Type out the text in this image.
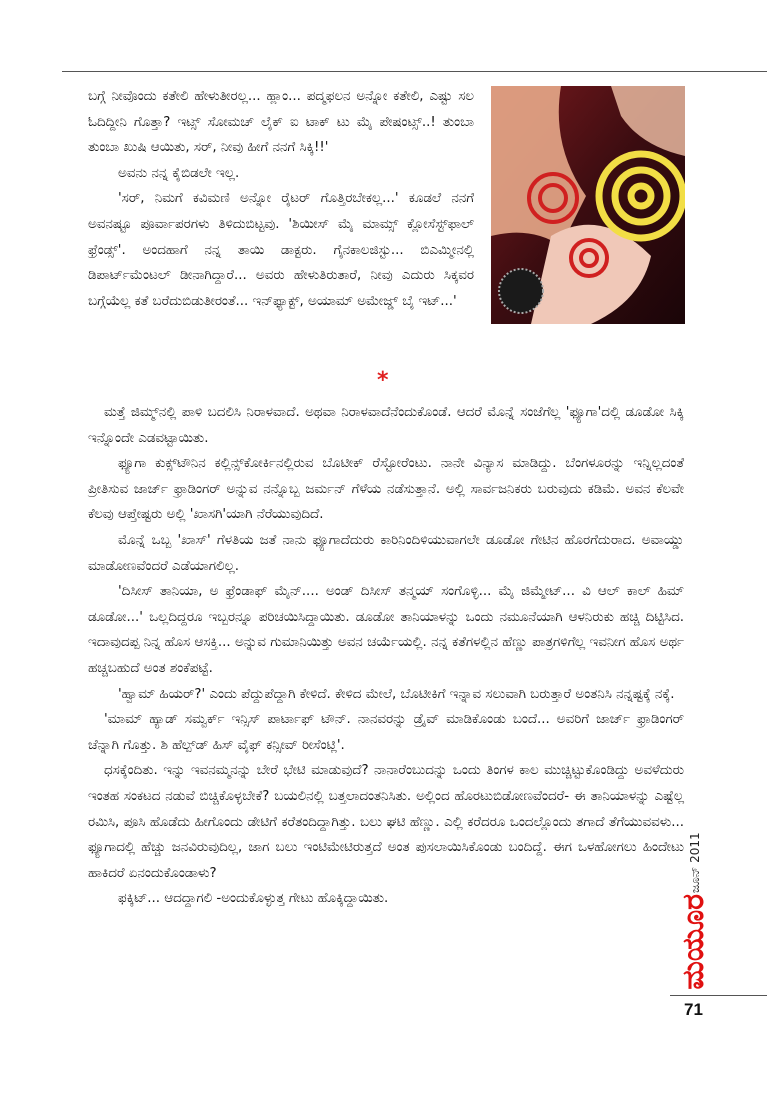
ಬಗ್ಗೆ ನೀವೊಂದು ಕತೇಲಿ ಹೇಳುತೀರಲ್ಲ... ಹ್ಲಾಂ... ಪದ್ಮಫಲನ ಅನ್ನೋ ಕತೇಲಿ, ಎಷ್ಟು ಸಲ ಓದಿದ್ದೀನಿ ಗೊತ್ತಾ? ಇಟ್ಸ್ ಸೋಮಚ್ ಲೈಕ್ ಐ ಟಾಕ್ ಟು ಮೈ ಪೇಷಂಟ್ಸ್..! ತುಂಬಾ ತುಂಬಾ ಖುಷಿ ಆಯಿತು, ಸರ್, ನೀವು ಹೀಗೆ ನನಗೆ ಸಿಕ್ಕಿ!!'

ಅವನು ನನ್ನ ಕೈಬಿಡಲೇ ಇಲ್ಲ.

'ಸರ್, ನಿಮಗೆ ಕವಿಮಣಿ ಅನ್ನೋ ರೈಟರ್ ಗೊತ್ತಿರಬೇಕಲ್ಲ...' ಕೂಡಲೆ ನನಗೆ ಅವನಷ್ಟೂ ಪೂರ್ವಾಪರಗಳು ತಿಳಿದುಬಿಟ್ಟವು. 'ಶಿಯೀಸ್ ಮೈ ಮಾಮ್ಸ್ ಕ್ಲೋಸೆಸ್ಟ್‌ಫಾಲ್ ಫ್ರೆಂಡ್ಸ್'. ಅಂದಹಾಗೆ ನನ್ನ ತಾಯಿ ಡಾಕ್ಟರು. ಗೈನಕಾಲಜಿಸ್ಟು... ಬಿಎಮ್ಮೀನಲ್ಲಿ ಡಿಪಾರ್ಟ್‌ಮೆಂಟಲ್ ಡೀನಾಗಿದ್ದಾರೆ... ಅವರು ಹೇಳುತಿರುತಾರೆ, ನೀವು ಎದುರು ಸಿಕ್ಕವರ ಬಗ್ಗೆಯೆಲ್ಲ ಕತೆ ಬರೆದುಬಿಡುತೀರಂತೆ... ಇನ್‌ಫ್ಯಾಕ್ಟ್, ಅಯಾಮ್ ಅಮೇಜ್ಡ್ ಬೈ ಇಟ್...'

*

ಮತ್ತೆ ಜಿಮ್ಮ್‌ನಲ್ಲಿ ಪಾಳಿ ಬದಲಿಸಿ ನಿರಾಳವಾದೆ. ಅಥವಾ ನಿರಾಳವಾದೆನೆಂದುಕೊಂಡೆ. ಆದರೆ ಮೊನ್ನೆ ಸಂಜೆಗೆಲ್ಲ 'ಫ್ಯೂಗಾ'ದಲ್ಲಿ ಡೂಡೋ ಸಿಕ್ಕಿ ಇನ್ನೊಂದೇ ಎಡವಟ್ಟಾಯಿತು.

ಫ್ಯೂಗಾ ಕುಕ್ಸ್‌ಟೌನಿನ ಕಲ್ಲಿನ್ಸ್‌ಕೋರ್ಕಿನಲ್ಲಿರುವ ಬೊಟೀಕ್ ರೆಸ್ಟೋರೆಂಟು. ನಾನೇ ವಿನ್ಯಾಸ ಮಾಡಿದ್ದು. ಬೆಂಗಳೂರನ್ನು ಇನ್ನಿಲ್ಲದಂತೆ ಪ್ರೀತಿಸುವ ಜಾರ್ಜ್ ಫ್ರಾಡಿಂಗರ್ ಅನ್ನುವ ನನ್ನೊಬ್ಬ ಜರ್ಮನ್ ಗೆಳೆಯ ನಡೆಸುತ್ತಾನೆ. ಅಲ್ಲಿ ಸಾರ್ವಜನಿಕರು ಬರುವುದು ಕಡಿಮೆ. ಅವನ ಕೆಲವೇ ಕೆಲವು ಆಪ್ತೇಷ್ಟರು ಅಲ್ಲಿ 'ಖಾಸಗಿ'ಯಾಗಿ ನೆರೆಯುವುದಿದೆ.

ಮೊನ್ನೆ ಒಬ್ಬ 'ಖಾಸ್' ಗೆಳತಿಯ ಜತೆ ನಾನು ಫ್ಯೂಗಾದೆದುರು ಕಾರಿನಿಂದಿಳಿಯುವಾಗಲೇ ಡೂಡೋ ಗೇಟಿನ ಹೊರಗೆದುರಾದ. ಅವಾಯ್ಡು ಮಾಡೋಣವೆಂದರೆ ಎಡೆಯಾಗಲಿಲ್ಲ.

'ದಿಸೀಸ್ ತಾನಿಯಾ, ಅ ಫ್ರೆಂಡಾಫ್ ಮೈನ್.... ಅಂಡ್ ದಿಸೀಸ್ ತನ್ಮಯ್ ಸಂಗೊಳ್ಳಿ... ಮೈ ಜಿಮ್ಮೇಟ್... ವಿ ಆಲ್ ಕಾಲ್ ಹಿಮ್ ಡೂಡೋ...' ಒಲ್ಲದಿದ್ದರೂ ಇಬ್ಬರನ್ನೂ ಪರಿಚಯಿಸಿದ್ದಾಯಿತು. ಡೂಡೋ ತಾನಿಯಾಳನ್ನು ಒಂದು ನಮೂನೆಯಾಗಿ ಆಳನಿರುಕು ಹಚ್ಚಿ ದಿಟ್ಟಿಸಿದ. ಇದಾವುದಪ್ಪ ನಿನ್ನ ಹೊಸ ಆಸಕ್ತಿ... ಅನ್ನುವ ಗುಮಾನಿಯಿತ್ತು ಅವನ ಚರ್ಯೆಯಲ್ಲಿ. ನನ್ನ ಕತೆಗಳಲ್ಲಿನ ಹೆಣ್ಣು ಪಾತ್ರಗಳಿಗೆಲ್ಲ ಇವನೀಗ ಹೊಸ ಅರ್ಥ ಹಚ್ಚಬಹುದೆ ಅಂತ ಶಂಕೆಪಟ್ಟೆ.

'ಹ್ವಾಮ್ ಹಿಯರ್?' ಎಂದು ಪೆದ್ದುಪೆದ್ದಾಗಿ ಕೇಳಿದೆ. ಕೇಳಿದ ಮೇಲೆ, ಬೊಟೀಕಿಗೆ ಇನ್ನಾವ ಸಲುವಾಗಿ ಬರುತ್ತಾರೆ ಅಂತನಿಸಿ ನನ್ನಷ್ಟಕ್ಕೆ ನಕ್ಕೆ.

'ಮಾಮ್ ಹ್ಯಾಡ್ ಸಮ್ವರ್ಕ್ ಇನ್ಸಿಸ್ ಪಾರ್ಟಾಫ್ ಟೌನ್. ನಾನವರನ್ನು ಡ್ರೈವ್ ಮಾಡಿಕೊಂಡು ಬಂದೆ... ಅವರಿಗೆ ಜಾರ್ಜ್ ಫ್ರಾಡಿಂಗರ್ ಚೆನ್ನಾಗಿ ಗೊತ್ತು. ಶಿ ಹೆಲ್ಪ್‌ಡ್ ಹಿಸ್ ವೈಫ್ ಕನ್ಸೀವ್ ರೀಸೆಂಟ್ಲಿ'.

ಧಸಕ್ಕೆಂದಿತು. ಇನ್ನು ಇವನಮ್ಮನನ್ನು ಬೇರೆ ಭೇಟಿ ಮಾಡುವುದೆ? ನಾನಾರೆಂಬುದನ್ನು ಒಂದು ತಿಂಗಳ ಕಾಲ ಮುಚ್ಚಿಟ್ಟುಕೊಂಡಿದ್ದು ಅವಳೆದುರು ಇಂತಹ ಸಂಕಟದ ನಡುವೆ ಬಿಚ್ಚಿಕೊಳ್ಳಬೇಕೆ? ಬಯಲಿನಲ್ಲಿ ಬತ್ತಲಾದಂತನಿಸಿತು. ಅಲ್ಲಿಂದ ಹೊರಟುಬಿಡೋಣವೆಂದರೆ- ಈ ತಾನಿಯಾಳನ್ನು ಎಷ್ಟೆಲ್ಲ ರಮಿಸಿ, ಪೂಸಿ ಹೊಡೆದು ಹೀಗೊಂದು ಡೇಟಿಗೆ ಕರೆತಂದಿದ್ದಾಗಿತ್ತು. ಬಲು ಘಟಿ ಹೆಣ್ಣು. ಎಲ್ಲಿ ಕರೆದರೂ ಒಂದಲ್ಲೊಂದು ತಗಾದೆ ತೆಗೆಯುವವಳು... ಫ್ಯೂಗಾದಲ್ಲಿ ಹೆಚ್ಚು ಜನವಿರುವುದಿಲ್ಲ, ಜಾಗ ಬಲು ಇಂಟಿಮೇಟಿರುತ್ತದೆ ಅಂತ ಪುಸಲಾಯಿಸಿಕೊಂಡು ಬಂದಿದ್ದೆ. ಈಗ ಒಳಹೋಗಲು ಹಿಂದೇಟು ಹಾಕಿದರೆ ಏನಂದುಕೊಂಡಾಳು?

ಫಕ್ಕಿಟ್... ಆದದ್ದಾಗಲಿ -ಅಂದುಕೊಳ್ಳುತ್ತ ಗೇಟು ಹೊಕ್ಕಿದ್ದಾಯಿತು.	ಮಯೂರ
ಜೂನ್ 2011
71
